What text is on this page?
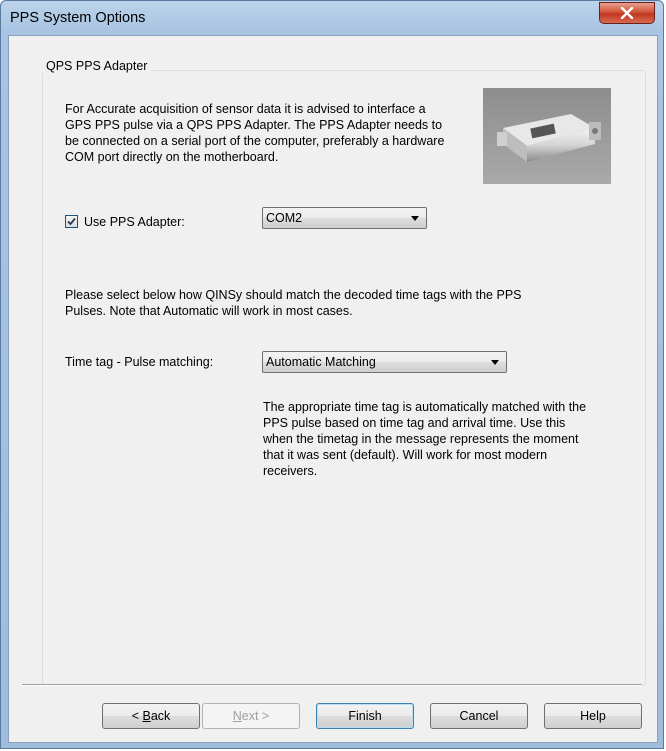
PPS System Options
QPS PPS Adapter
For Accurate acquisition of sensor data it is advised to interface a
GPS PPS pulse via a QPS PPS Adapter. The PPS Adapter needs to
be connected on a serial port of the computer, preferably a hardware
COM port directly on the motherboard.
Use PPS Adapter:	COM2
Please select below how QINSy should match the decoded time tags with the PPS
Pulses. Note that Automatic will work in most cases.
Time tag - Pulse matching:	Automatic Matching
The appropriate time tag is automatically matched with the
PPS pulse based on time tag and arrival time. Use this
when the timetag in the message represents the moment
that it was sent (default). Will work for most modern
receivers.
< Back	Next >	Finish	Cancel	Help
